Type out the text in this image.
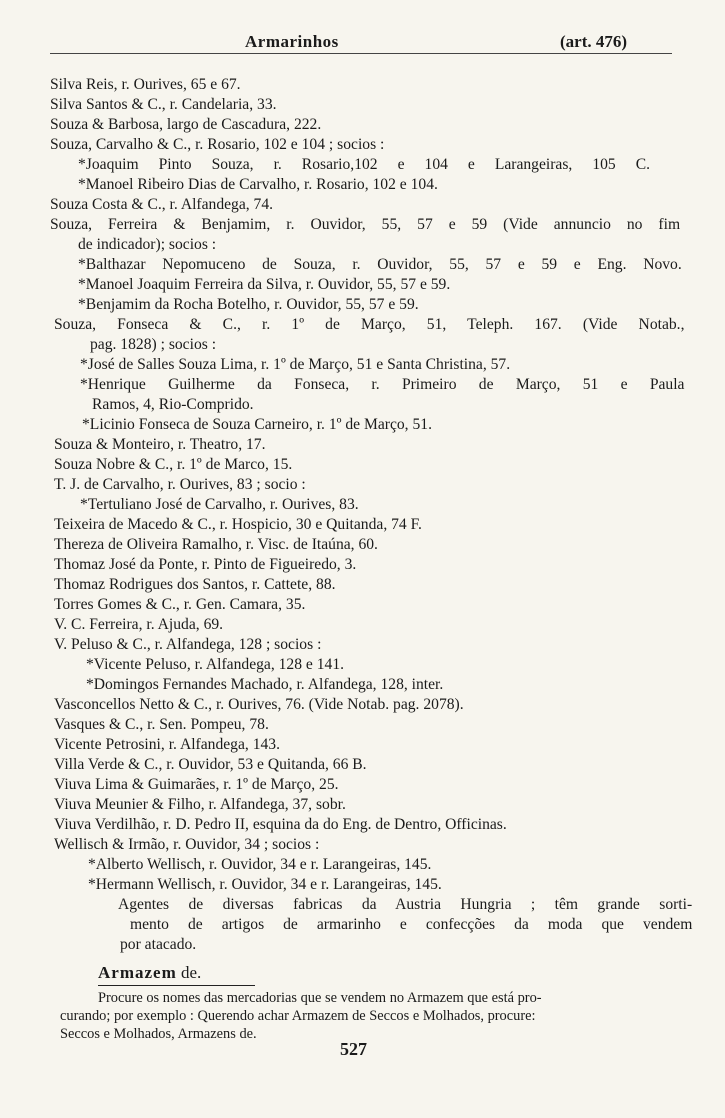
Armarinhos	(art. 476)
Silva Reis, r. Ourives, 65 e 67.
Silva Santos & C., r. Candelaria, 33.
Souza & Barbosa, largo de Cascadura, 222.
Souza, Carvalho & C., r. Rosario, 102 e 104 ; socios :
*Joaquim Pinto Souza, r. Rosario,102 e 104 e Larangeiras, 105 C.
*Manoel Ribeiro Dias de Carvalho, r. Rosario, 102 e 104.
Souza Costa & C., r. Alfandega, 74.
Souza, Ferreira & Benjamim, r. Ouvidor, 55, 57 e 59 (Vide annuncio no fim
de indicador); socios :
*Balthazar Nepomuceno de Souza, r. Ouvidor, 55, 57 e 59 e Eng. Novo.
*Manoel Joaquim Ferreira da Silva, r. Ouvidor, 55, 57 e 59.
*Benjamim da Rocha Botelho, r. Ouvidor, 55, 57 e 59.
Souza, Fonseca & C., r. 1º de Março, 51, Teleph. 167. (Vide Notab.,
pag. 1828) ; socios :
*José de Salles Souza Lima, r. 1º de Março, 51 e Santa Christina, 57.
*Henrique Guilherme da Fonseca, r. Primeiro de Março, 51 e Paula
Ramos, 4, Rio-Comprido.
*Licinio Fonseca de Souza Carneiro, r. 1º de Março, 51.
Souza & Monteiro, r. Theatro, 17.
Souza Nobre & C., r. 1º de Marco, 15.
T. J. de Carvalho, r. Ourives, 83 ; socio :
*Tertuliano José de Carvalho, r. Ourives, 83.
Teixeira de Macedo & C., r. Hospicio, 30 e Quitanda, 74 F.
Thereza de Oliveira Ramalho, r. Visc. de Itaúna, 60.
Thomaz José da Ponte, r. Pinto de Figueiredo, 3.
Thomaz Rodrigues dos Santos, r. Cattete, 88.
Torres Gomes & C., r. Gen. Camara, 35.
V. C. Ferreira, r. Ajuda, 69.
V. Peluso & C., r. Alfandega, 128 ; socios :
*Vicente Peluso, r. Alfandega, 128 e 141.
*Domingos Fernandes Machado, r. Alfandega, 128, inter.
Vasconcellos Netto & C., r. Ourives, 76. (Vide Notab. pag. 2078).
Vasques & C., r. Sen. Pompeu, 78.
Vicente Petrosini, r. Alfandega, 143.
Villa Verde & C., r. Ouvidor, 53 e Quitanda, 66 B.
Viuva Lima & Guimarães, r. 1º de Março, 25.
Viuva Meunier & Filho, r. Alfandega, 37, sobr.
Viuva Verdilhão, r. D. Pedro II, esquina da do Eng. de Dentro, Officinas.
Wellisch & Irmão, r. Ouvidor, 34 ; socios :
*Alberto Wellisch, r. Ouvidor, 34 e r. Larangeiras, 145.
*Hermann Wellisch, r. Ouvidor, 34 e r. Larangeiras, 145.
Agentes de diversas fabricas da Austria Hungria ; têm grande sorti-
mento de artigos de armarinho e confecções da moda que vendem
por atacado.
Armazem de.
Procure os nomes das mercadorias que se vendem no Armazem que está pro-
curando; por exemplo : Querendo achar Armazem de Seccos e Molhados, procure:
Seccos e Molhados, Armazens de.
527
